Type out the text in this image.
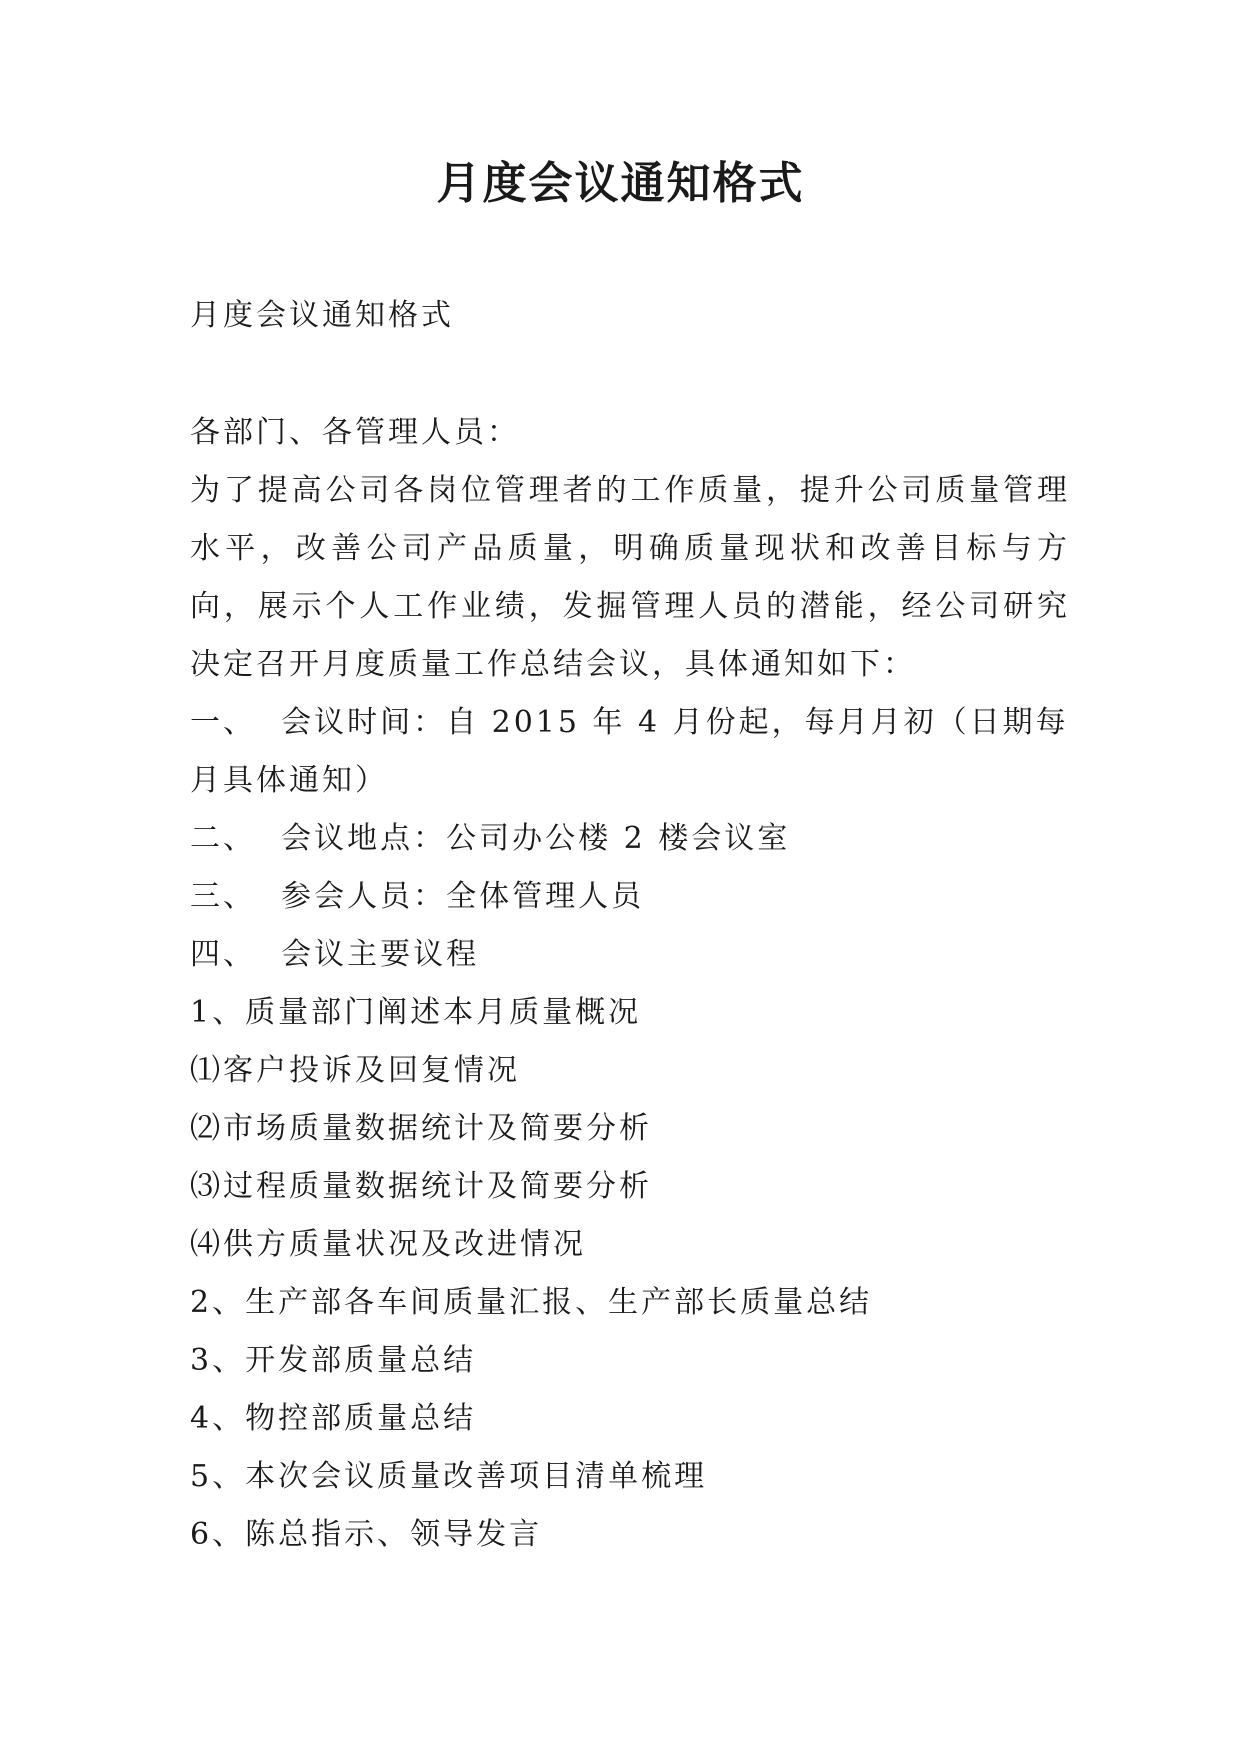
月度会议通知格式
月度会议通知格式
各部门、各管理人员：
为了提高公司各岗位管理者的工作质量，提升公司质量管理水平，改善公司产品质量，明确质量现状和改善目标与方向，展示个人工作业绩，发掘管理人员的潜能，经公司研究决定召开月度质量工作总结会议，具体通知如下：
一、  会议时间：自 2015 年 4 月份起，每月月初（日期每月具体通知）
二、  会议地点：公司办公楼 2 楼会议室
三、  参会人员：全体管理人员
四、  会议主要议程
1、质量部门阐述本月质量概况
⑴客户投诉及回复情况
⑵市场质量数据统计及简要分析
⑶过程质量数据统计及简要分析
⑷供方质量状况及改进情况
2、生产部各车间质量汇报、生产部长质量总结
3、开发部质量总结
4、物控部质量总结
5、本次会议质量改善项目清单梳理
6、陈总指示、领导发言
